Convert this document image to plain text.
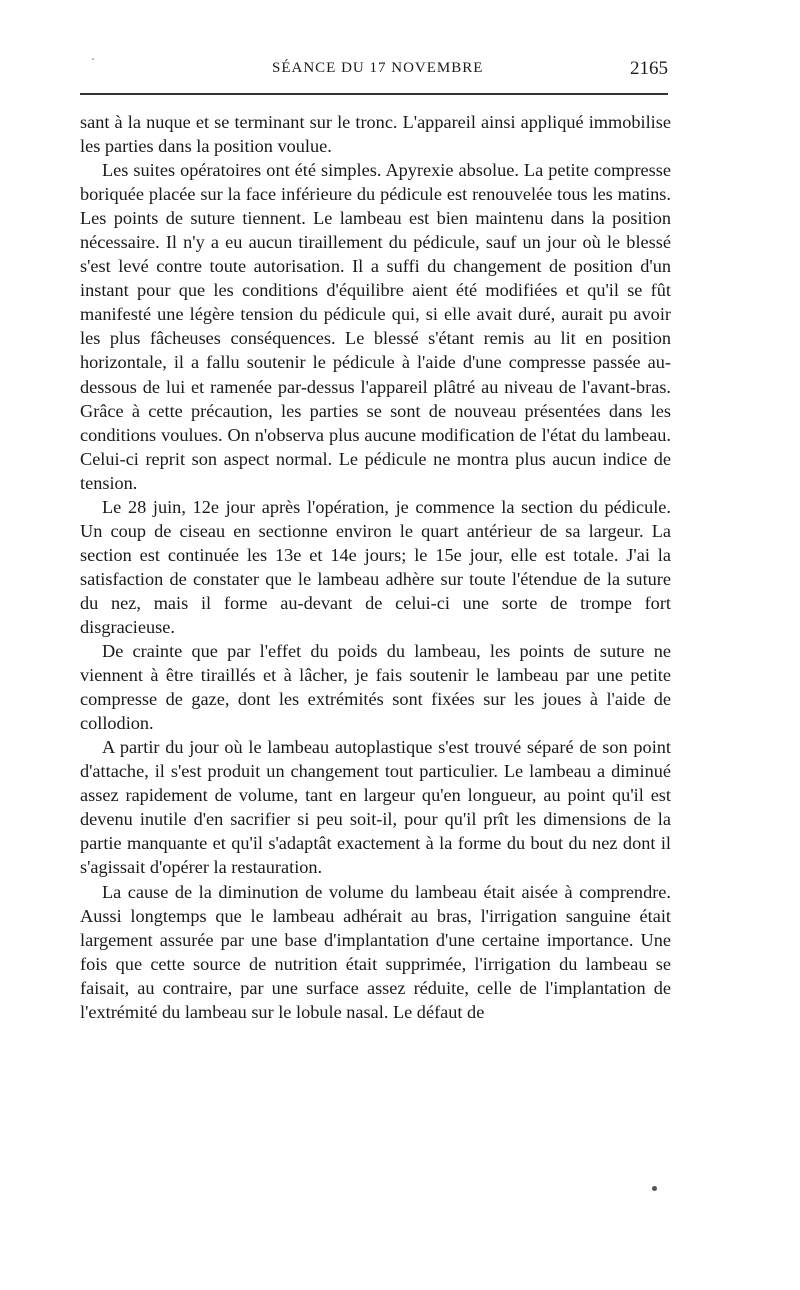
SÉANCE DU 17 NOVEMBRE	2165

sant à la nuque et se terminant sur le tronc. L'appareil ainsi appliqué immobilise les parties dans la position voulue.

Les suites opératoires ont été simples. Apyrexie absolue. La petite compresse boriquée placée sur la face inférieure du pédicule est renouvelée tous les matins. Les points de suture tiennent. Le lambeau est bien maintenu dans la position nécessaire. Il n'y a eu aucun tiraillement du pédicule, sauf un jour où le blessé s'est levé contre toute autorisation. Il a suffi du changement de position d'un instant pour que les conditions d'équilibre aient été modifiées et qu'il se fût manifesté une légère tension du pédicule qui, si elle avait duré, aurait pu avoir les plus fâcheuses conséquences. Le blessé s'étant remis au lit en position horizontale, il a fallu soutenir le pédicule à l'aide d'une compresse passée au-dessous de lui et ramenée par-dessus l'appareil plâtré au niveau de l'avant-bras. Grâce à cette précaution, les parties se sont de nouveau présentées dans les conditions voulues. On n'observa plus aucune modification de l'état du lambeau. Celui-ci reprit son aspect normal. Le pédicule ne montra plus aucun indice de tension.

Le 28 juin, 12e jour après l'opération, je commence la section du pédicule. Un coup de ciseau en sectionne environ le quart antérieur de sa largeur. La section est continuée les 13e et 14e jours; le 15e jour, elle est totale. J'ai la satisfaction de constater que le lambeau adhère sur toute l'étendue de la suture du nez, mais il forme au-devant de celui-ci une sorte de trompe fort disgracieuse.

De crainte que par l'effet du poids du lambeau, les points de suture ne viennent à être tiraillés et à lâcher, je fais soutenir le lambeau par une petite compresse de gaze, dont les extrémités sont fixées sur les joues à l'aide de collodion.

A partir du jour où le lambeau autoplastique s'est trouvé séparé de son point d'attache, il s'est produit un changement tout particulier. Le lambeau a diminué assez rapidement de volume, tant en largeur qu'en longueur, au point qu'il est devenu inutile d'en sacrifier si peu soit-il, pour qu'il prît les dimensions de la partie manquante et qu'il s'adaptât exactement à la forme du bout du nez dont il s'agissait d'opérer la restauration.

La cause de la diminution de volume du lambeau était aisée à comprendre. Aussi longtemps que le lambeau adhérait au bras, l'irrigation sanguine était largement assurée par une base d'implantation d'une certaine importance. Une fois que cette source de nutrition était supprimée, l'irrigation du lambeau se faisait, au contraire, par une surface assez réduite, celle de l'implantation de l'extrémité du lambeau sur le lobule nasal. Le défaut de
